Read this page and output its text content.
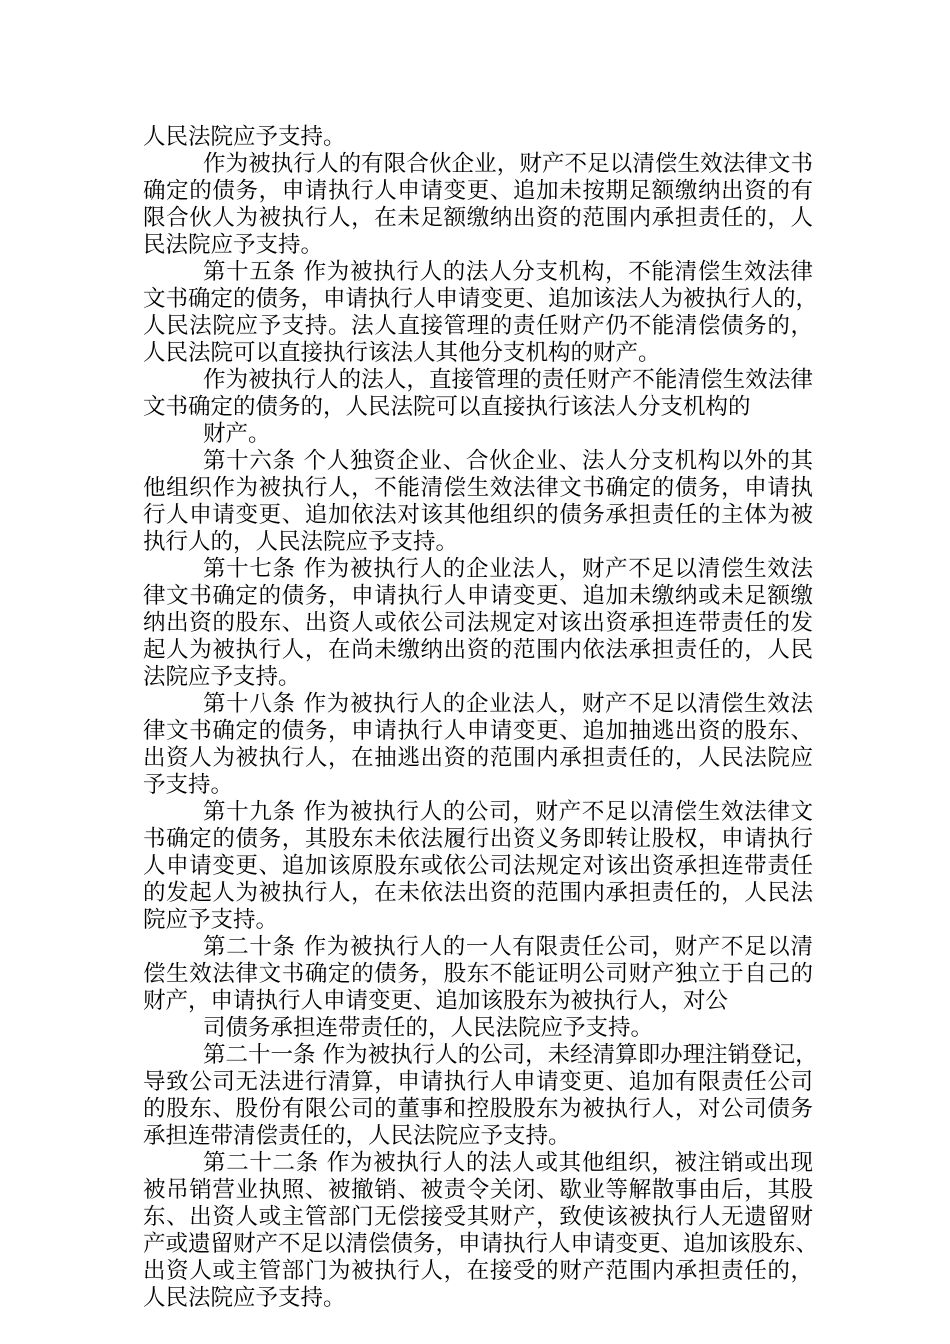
人民法院应予支持。
作为被执行人的有限合伙企业，财产不足以清偿生效法律文书
确定的债务，申请执行人申请变更、追加未按期足额缴纳出资的有
限合伙人为被执行人，在未足额缴纳出资的范围内承担责任的，人
民法院应予支持。
第十五条 作为被执行人的法人分支机构，不能清偿生效法律
文书确定的债务，申请执行人申请变更、追加该法人为被执行人的，
人民法院应予支持。法人直接管理的责任财产仍不能清偿债务的，
人民法院可以直接执行该法人其他分支机构的财产。
作为被执行人的法人，直接管理的责任财产不能清偿生效法律
文书确定的债务的，人民法院可以直接执行该法人分支机构的
财产。
第十六条 个人独资企业、合伙企业、法人分支机构以外的其
他组织作为被执行人，不能清偿生效法律文书确定的债务，申请执
行人申请变更、追加依法对该其他组织的债务承担责任的主体为被
执行人的，人民法院应予支持。
第十七条 作为被执行人的企业法人，财产不足以清偿生效法
律文书确定的债务，申请执行人申请变更、追加未缴纳或未足额缴
纳出资的股东、出资人或依公司法规定对该出资承担连带责任的发
起人为被执行人，在尚未缴纳出资的范围内依法承担责任的，人民
法院应予支持。
第十八条 作为被执行人的企业法人，财产不足以清偿生效法
律文书确定的债务，申请执行人申请变更、追加抽逃出资的股东、
出资人为被执行人，在抽逃出资的范围内承担责任的，人民法院应
予支持。
第十九条 作为被执行人的公司，财产不足以清偿生效法律文
书确定的债务，其股东未依法履行出资义务即转让股权，申请执行
人申请变更、追加该原股东或依公司法规定对该出资承担连带责任
的发起人为被执行人，在未依法出资的范围内承担责任的，人民法
院应予支持。
第二十条 作为被执行人的一人有限责任公司，财产不足以清
偿生效法律文书确定的债务，股东不能证明公司财产独立于自己的
财产，申请执行人申请变更、追加该股东为被执行人，对公
司债务承担连带责任的，人民法院应予支持。
第二十一条 作为被执行人的公司，未经清算即办理注销登记，
导致公司无法进行清算，申请执行人申请变更、追加有限责任公司
的股东、股份有限公司的董事和控股股东为被执行人，对公司债务
承担连带清偿责任的，人民法院应予支持。
第二十二条 作为被执行人的法人或其他组织，被注销或出现
被吊销营业执照、被撤销、被责令关闭、歇业等解散事由后，其股
东、出资人或主管部门无偿接受其财产，致使该被执行人无遗留财
产或遗留财产不足以清偿债务，申请执行人申请变更、追加该股东、
出资人或主管部门为被执行人，在接受的财产范围内承担责任的，
人民法院应予支持。
